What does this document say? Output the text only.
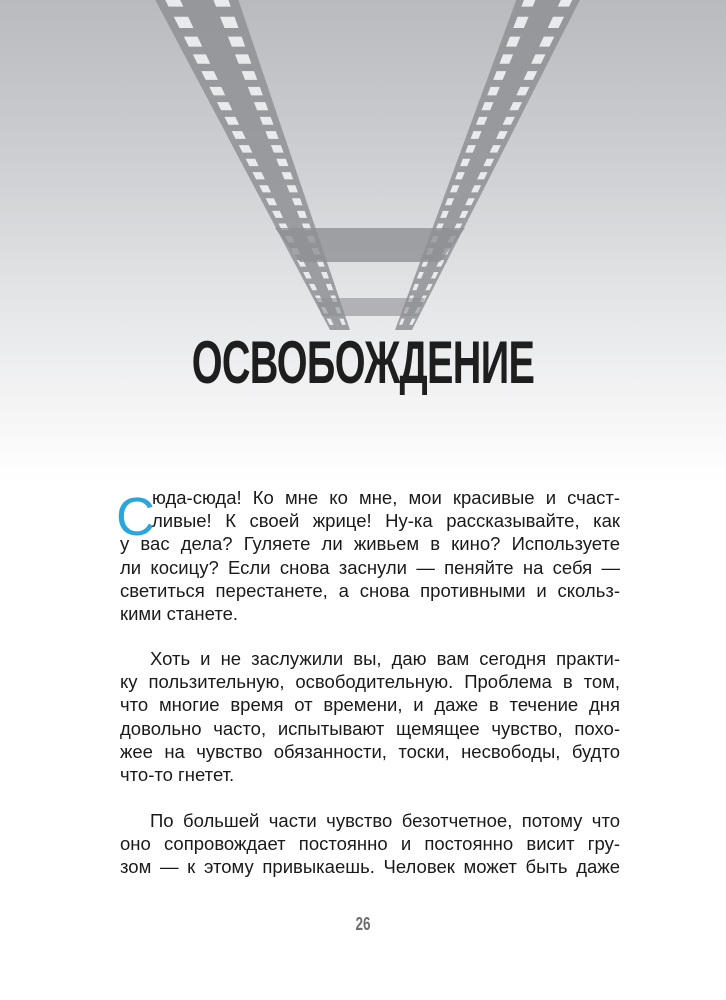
ОСВОБОЖДЕНИЕ
С
юда-сюда! Ко мне ко мне, мои красивые и счаст-
ливые! К своей жрице! Ну-ка рассказывайте, как
у вас дела? Гуляете ли живьем в кино? Используете
ли косицу? Если снова заснули — пеняйте на себя —
светиться перестанете, а снова противными и скольз-
кими станете.
Хоть и не заслужили вы, даю вам сегодня практи-
ку пользительную, освободительную. Проблема в том,
что многие время от времени, и даже в течение дня
довольно часто, испытывают щемящее чувство, похо-
жее на чувство обязанности, тоски, несвободы, будто
что-то гнетет.
По большей части чувство безотчетное, потому что
оно сопровождает постоянно и постоянно висит гру-
зом — к этому привыкаешь. Человек может быть даже
26
